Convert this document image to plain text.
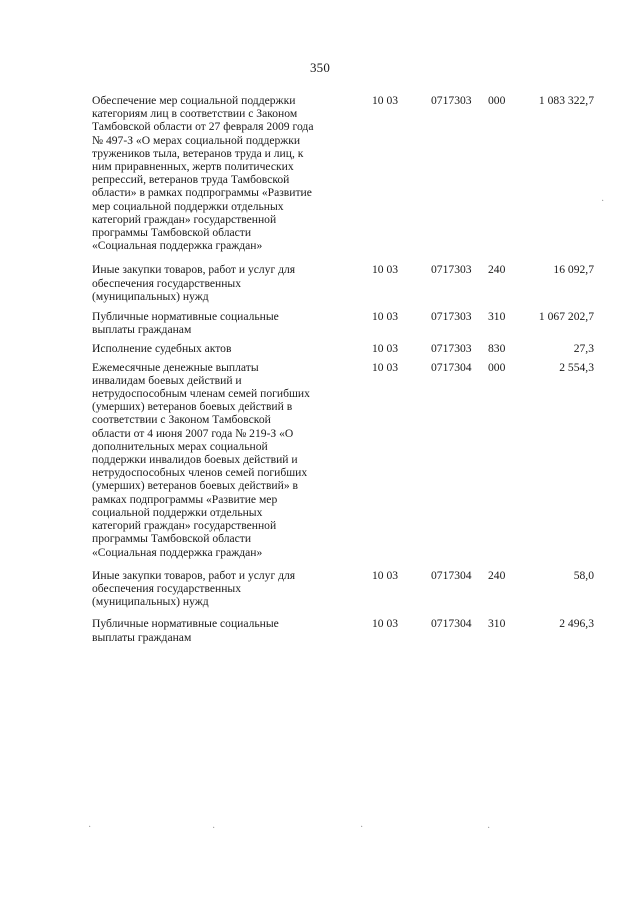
350
Обеспечение мер социальной поддержки
категориям лиц в соответствии с Законом
Тамбовской области от 27 февраля 2009 года
№ 497-З «О мерах социальной поддержки
тружеников тыла, ветеранов труда и лиц, к
ним приравненных, жертв политических
репрессий, ветеранов труда Тамбовской
области» в рамках подпрограммы «Развитие
мер социальной поддержки отдельных
категорий граждан» государственной
программы Тамбовской области
«Социальная поддержка граждан»
10 03	0717303 000	1 083 322,7
Иные закупки товаров, работ и услуг для
обеспечения государственных
(муниципальных) нужд
10 03	0717303 240	16 092,7
Публичные нормативные социальные
выплаты гражданам
10 03	0717303 310	1 067 202,7
Исполнение судебных актов	10 03	0717303 830	27,3
Ежемесячные денежные выплаты
инвалидам боевых действий и
нетрудоспособным членам семей погибших
(умерших) ветеранов боевых действий в
соответствии с Законом Тамбовской
области от 4 июня 2007 года № 219-З «О
дополнительных мерах социальной
поддержки инвалидов боевых действий и
нетрудоспособных членов семей погибших
(умерших) ветеранов боевых действий» в
рамках подпрограммы «Развитие мер
социальной поддержки отдельных
категорий граждан» государственной
программы Тамбовской области
«Социальная поддержка граждан»
10 03	0717304 000	2 554,3
Иные закупки товаров, работ и услуг для
обеспечения государственных
(муниципальных) нужд
10 03	0717304 240	58,0
Публичные нормативные социальные
выплаты гражданам
10 03	0717304 310	2 496,3
·	·	·	·
·
